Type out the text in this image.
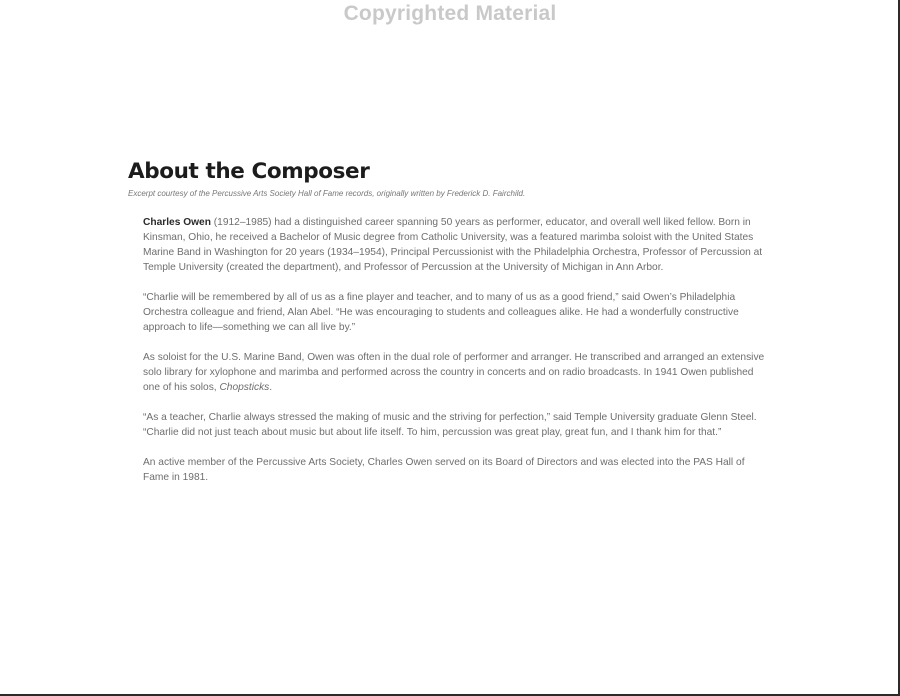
Copyrighted Material
About the Composer

Excerpt courtesy of the Percussive Arts Society Hall of Fame records, originally written by Frederick D. Fairchild.

Charles Owen (1912–1985) had a distinguished career spanning 50 years as performer, educator, and overall well liked fellow. Born in Kinsman, Ohio, he received a Bachelor of Music degree from Catholic University, was a featured marimba soloist with the United States Marine Band in Washington for 20 years (1934–1954), Principal Percussionist with the Philadelphia Orchestra, Professor of Percussion at Temple University (created the department), and Professor of Percussion at the University of Michigan in Ann Arbor.

“Charlie will be remembered by all of us as a fine player and teacher, and to many of us as a good friend,” said Owen’s Philadelphia Orchestra colleague and friend, Alan Abel. “He was encouraging to students and colleagues alike. He had a wonderfully constructive approach to life—something we can all live by.”

As soloist for the U.S. Marine Band, Owen was often in the dual role of performer and arranger. He transcribed and arranged an extensive solo library for xylophone and marimba and performed across the country in concerts and on radio broadcasts. In 1941 Owen published one of his solos, Chopsticks.

“As a teacher, Charlie always stressed the making of music and the striving for perfection,” said Temple University graduate Glenn Steel. “Charlie did not just teach about music but about life itself. To him, percussion was great play, great fun, and I thank him for that.”

An active member of the Percussive Arts Society, Charles Owen served on its Board of Directors and was elected into the PAS Hall of Fame in 1981.
